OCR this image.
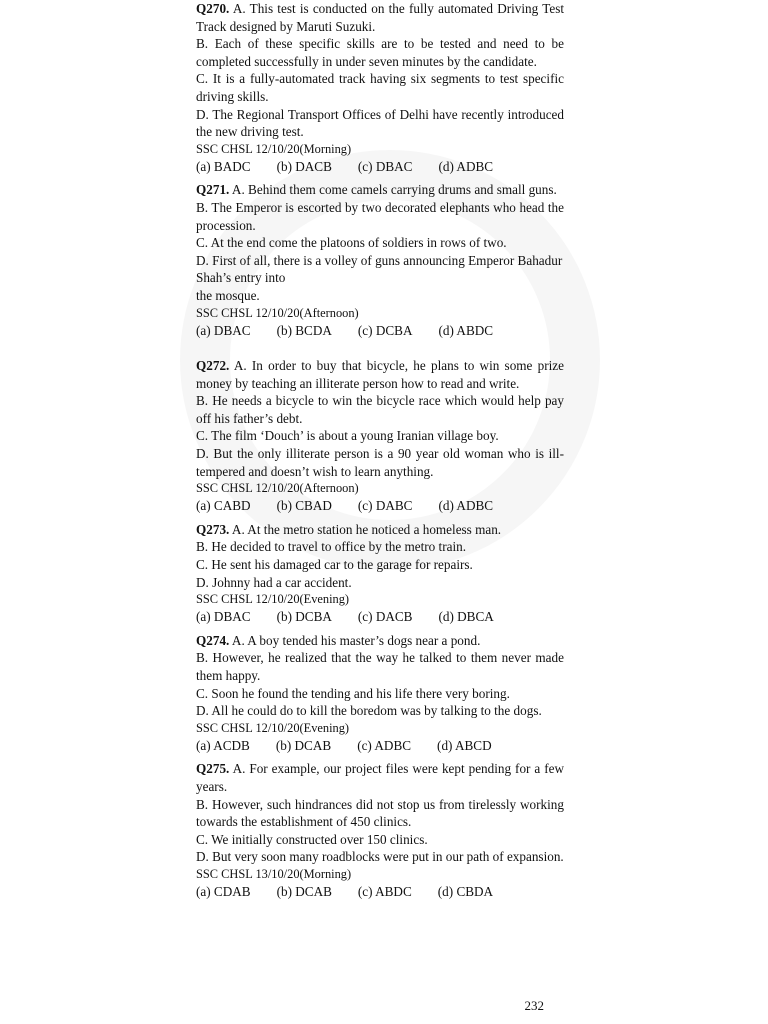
Q270. A. This test is conducted on the fully automated Driving Test Track designed by Maruti Suzuki.

B. Each of these specific skills are to be tested and need to be completed successfully in under seven minutes by the candidate.

C. It is a fully-automated track having six segments to test specific driving skills.

D. The Regional Transport Offices of Delhi have recently introduced the new driving test.

SSC CHSL 12/10/20(Morning)

(a) BADC (b) DACB (c) DBAC (d) ADBC

Q271. A. Behind them come camels carrying drums and small guns.

B. The Emperor is escorted by two decorated elephants who head the procession.

C. At the end come the platoons of soldiers in rows of two.

D. First of all, there is a volley of guns announcing Emperor Bahadur Shah’s entry into

the mosque.

SSC CHSL 12/10/20(Afternoon)

(a) DBAC (b) BCDA (c) DCBA (d) ABDC

Q272. A. In order to buy that bicycle, he plans to win some prize money by teaching an illiterate person how to read and write.

B. He needs a bicycle to win the bicycle race which would help pay off his father’s debt.

C. The film ‘Douch’ is about a young Iranian village boy.

D. But the only illiterate person is a 90 year old woman who is ill-tempered and doesn’t wish to learn anything.

SSC CHSL 12/10/20(Afternoon)

(a) CABD (b) CBAD (c) DABC (d) ADBC

Q273. A. At the metro station he noticed a homeless man.

B. He decided to travel to office by the metro train.

C. He sent his damaged car to the garage for repairs.

D. Johnny had a car accident.

SSC CHSL 12/10/20(Evening)

(a) DBAC (b) DCBA (c) DACB (d) DBCA

Q274. A. A boy tended his master’s dogs near a pond.

B. However, he realized that the way he talked to them never made them happy.

C. Soon he found the tending and his life there very boring.

D. All he could do to kill the boredom was by talking to the dogs.

SSC CHSL 12/10/20(Evening)

(a) ACDB (b) DCAB (c) ADBC (d) ABCD

Q275. A. For example, our project files were kept pending for a few years.

B. However, such hindrances did not stop us from tirelessly working towards the establishment of 450 clinics.

C. We initially constructed over 150 clinics.

D. But very soon many roadblocks were put in our path of expansion.

SSC CHSL 13/10/20(Morning)

(a) CDAB (b) DCAB (c) ABDC (d) CBDA
232
